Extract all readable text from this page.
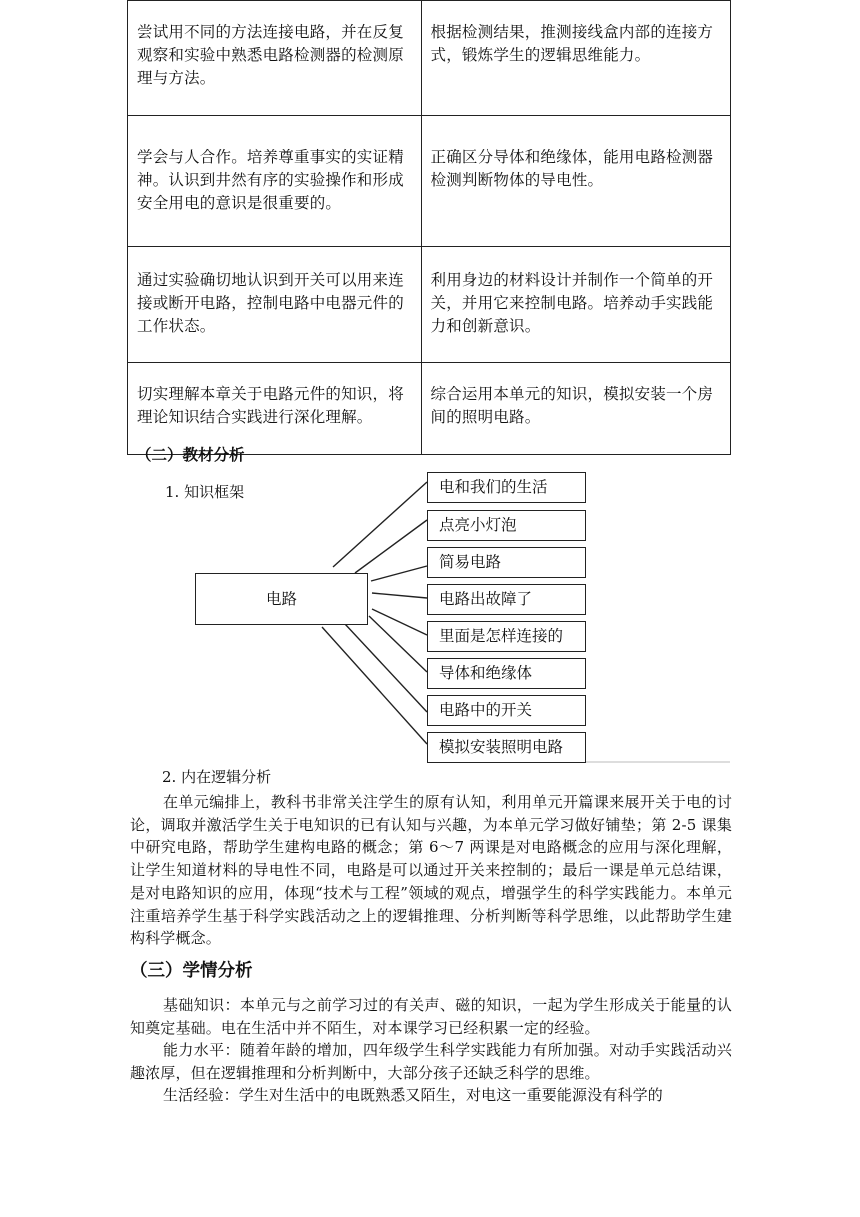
尝试用不同的方法连接电路，并在反复观察和实验中熟悉电路检测器的检测原理与方法。	根据检测结果，推测接线盒内部的连接方式，锻炼学生的逻辑思维能力。
学会与人合作。培养尊重事实的实证精神。认识到井然有序的实验操作和形成安全用电的意识是很重要的。	正确区分导体和绝缘体，能用电路检测器检测判断物体的导电性。
通过实验确切地认识到开关可以用来连接或断开电路，控制电路中电器元件的工作状态。	利用身边的材料设计并制作一个简单的开关，并用它来控制电路。培养动手实践能力和创新意识。
切实理解本章关于电路元件的知识，将理论知识结合实践进行深化理解。	综合运用本单元的知识，模拟安装一个房间的照明电路。
（二）教材分析
1. 知识框架
电路
电和我们的生活
点亮小灯泡
简易电路
电路出故障了
里面是怎样连接的
导体和绝缘体
电路中的开关
模拟安装照明电路
2. 内在逻辑分析
在单元编排上，教科书非常关注学生的原有认知，利用单元开篇课来展开关于电的讨论，调取并激活学生关于电知识的已有认知与兴趣，为本单元学习做好铺垫；第 2-5 课集中研究电路，帮助学生建构电路的概念；第 6～7 两课是对电路概念的应用与深化理解，让学生知道材料的导电性不同，电路是可以通过开关来控制的；最后一课是单元总结课，是对电路知识的应用，体现“技术与工程”领域的观点，增强学生的科学实践能力。本单元注重培养学生基于科学实践活动之上的逻辑推理、分析判断等科学思维，以此帮助学生建构科学概念。
（三）学情分析
基础知识：本单元与之前学习过的有关声、磁的知识，一起为学生形成关于能量的认知奠定基础。电在生活中并不陌生，对本课学习已经积累一定的经验。
能力水平：随着年龄的增加，四年级学生科学实践能力有所加强。对动手实践活动兴趣浓厚，但在逻辑推理和分析判断中，大部分孩子还缺乏科学的思维。
生活经验：学生对生活中的电既熟悉又陌生，对电这一重要能源没有科学的
